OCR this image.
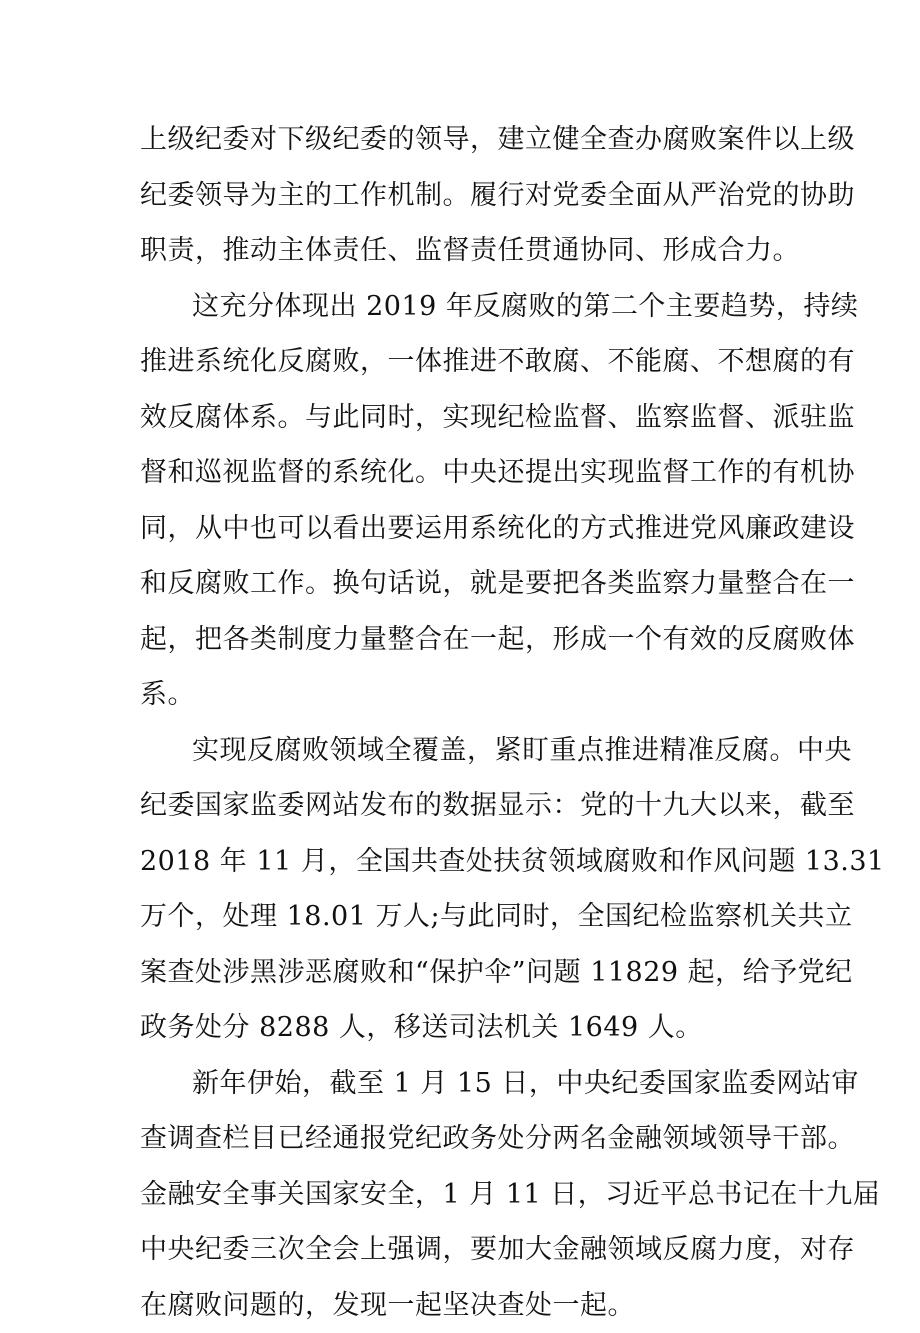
上级纪委对下级纪委的领导，建立健全查办腐败案件以上级
纪委领导为主的工作机制。履行对党委全面从严治党的协助
职责，推动主体责任、监督责任贯通协同、形成合力。
这充分体现出 2019 年反腐败的第二个主要趋势，持续
推进系统化反腐败，一体推进不敢腐、不能腐、不想腐的有
效反腐体系。与此同时，实现纪检监督、监察监督、派驻监
督和巡视监督的系统化。中央还提出实现监督工作的有机协
同，从中也可以看出要运用系统化的方式推进党风廉政建设
和反腐败工作。换句话说，就是要把各类监察力量整合在一
起，把各类制度力量整合在一起，形成一个有效的反腐败体
系。
实现反腐败领域全覆盖，紧盯重点推进精准反腐。中央
纪委国家监委网站发布的数据显示：党的十九大以来，截至
2018 年 11 月，全国共查处扶贫领域腐败和作风问题 13.31
万个，处理 18.01 万人;与此同时，全国纪检监察机关共立
案查处涉黑涉恶腐败和“保护伞”问题 11829 起，给予党纪
政务处分 8288 人，移送司法机关 1649 人。
新年伊始，截至 1 月 15 日，中央纪委国家监委网站审
查调查栏目已经通报党纪政务处分两名金融领域领导干部。
金融安全事关国家安全，1 月 11 日，习近平总书记在十九届
中央纪委三次全会上强调，要加大金融领域反腐力度，对存
在腐败问题的，发现一起坚决查处一起。
